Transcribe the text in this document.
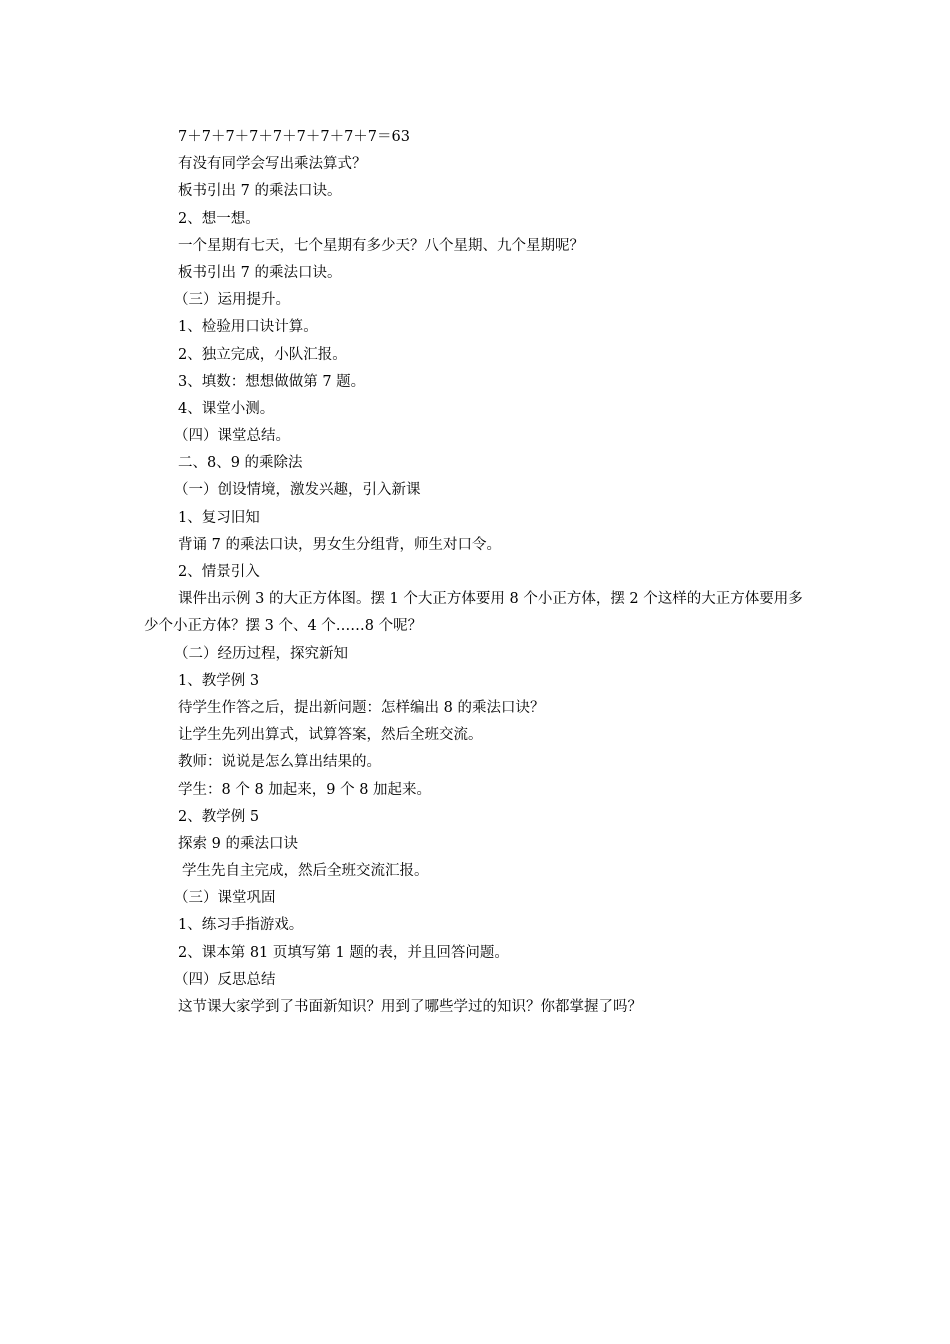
7＋7＋7＋7＋7＋7＋7＋7＋7＝63
有没有同学会写出乘法算式？
板书引出 7 的乘法口诀。
2、想一想。
一个星期有七天，七个星期有多少天？八个星期、九个星期呢？
板书引出 7 的乘法口诀。
（三）运用提升。
1、检验用口诀计算。
2、独立完成，小队汇报。
3、填数：想想做做第 7 题。
4、课堂小测。
（四）课堂总结。
二、8、9 的乘除法
（一）创设情境，激发兴趣，引入新课
1、复习旧知
背诵 7 的乘法口诀，男女生分组背，师生对口令。
2、情景引入
课件出示例 3 的大正方体图。摆 1 个大正方体要用 8 个小正方体，摆 2 个这样的大正方体要用多少个小正方体？摆 3 个、4 个……8 个呢？
（二）经历过程，探究新知
1、教学例 3
待学生作答之后，提出新问题：怎样编出 8 的乘法口诀？
让学生先列出算式，试算答案，然后全班交流。
教师：说说是怎么算出结果的。
学生：8 个 8 加起来，9 个 8 加起来。
2、教学例 5
探索 9 的乘法口诀
学生先自主完成，然后全班交流汇报。
（三）课堂巩固
1、练习手指游戏。
2、课本第 81 页填写第 1 题的表，并且回答问题。
（四）反思总结
这节课大家学到了书面新知识？用到了哪些学过的知识？你都掌握了吗？
